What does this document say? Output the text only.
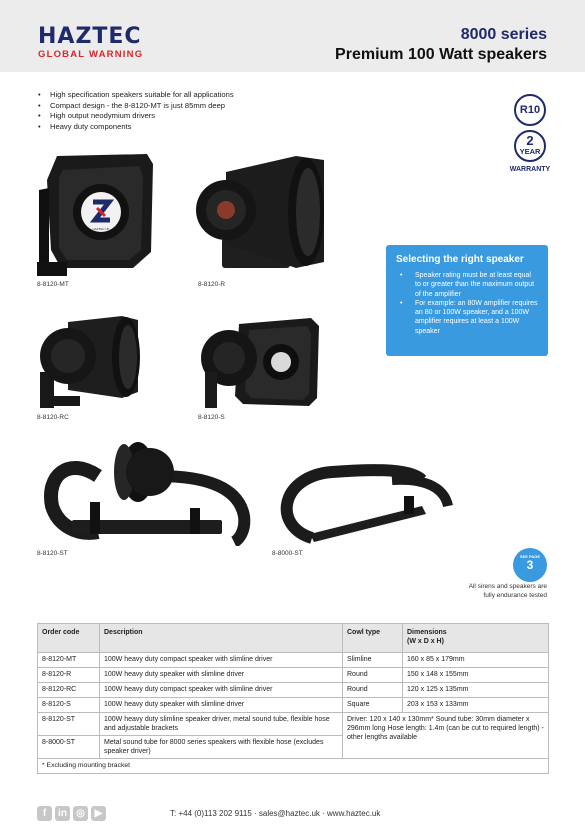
HAZTEC
GLOBAL WARNING
8000 series
Premium 100 Watt speakers
• High specification speakers suitable for all applications
• Compact design - the 8-8120-MT is just 85mm deep
• High output neodymium drivers
• Heavy duty components
R10
2
YEAR
WARRANTY
HAZTEC UK
8-8120-MT	8-8120-R
8-8120-RC	8-8120-S
Selecting the right speaker
• Speaker rating must be at least equal to or greater than the maximum output of the amplifier
• For example: an 80W amplifier requires an 80 or 100W speaker, and a 100W amplifier requires at least a 100W speaker
8-8120-ST	8-8000-ST	SEE PAGE
3
All sirens and speakers are
fully endurance tested
Order code	Description	Cowl type	Dimensions
(W x D x H)

8-8120-MT	100W heavy duty compact speaker with slimline driver	Slimline	160 x 85 x 179mm
8-8120-R	100W heavy duty speaker with slimline driver	Round	150 x 148 x 155mm
8-8120-RC	100W heavy duty compact speaker with slimline driver	Round	120 x 125 x 135mm
8-8120-S	100W heavy duty speaker with slimline driver	Square	203 x 153 x 133mm
8-8120-ST	100W heavy duty slimline speaker driver, metal sound tube, flexible hose and adjustable brackets	Driver: 120 x 140 x 130mm* Sound tube: 30mm diameter x 296mm long Hose length: 1.4m (can be cut to required length) - other lengths available	
8-8000-ST	Metal sound tube for 8000 series speakers with flexible hose (excludes speaker driver)		
* Excluding mounting bracket			
f	in ◎ ▶	T: +44 (0)113 202 9115 · sales@haztec.uk · www.haztec.uk
